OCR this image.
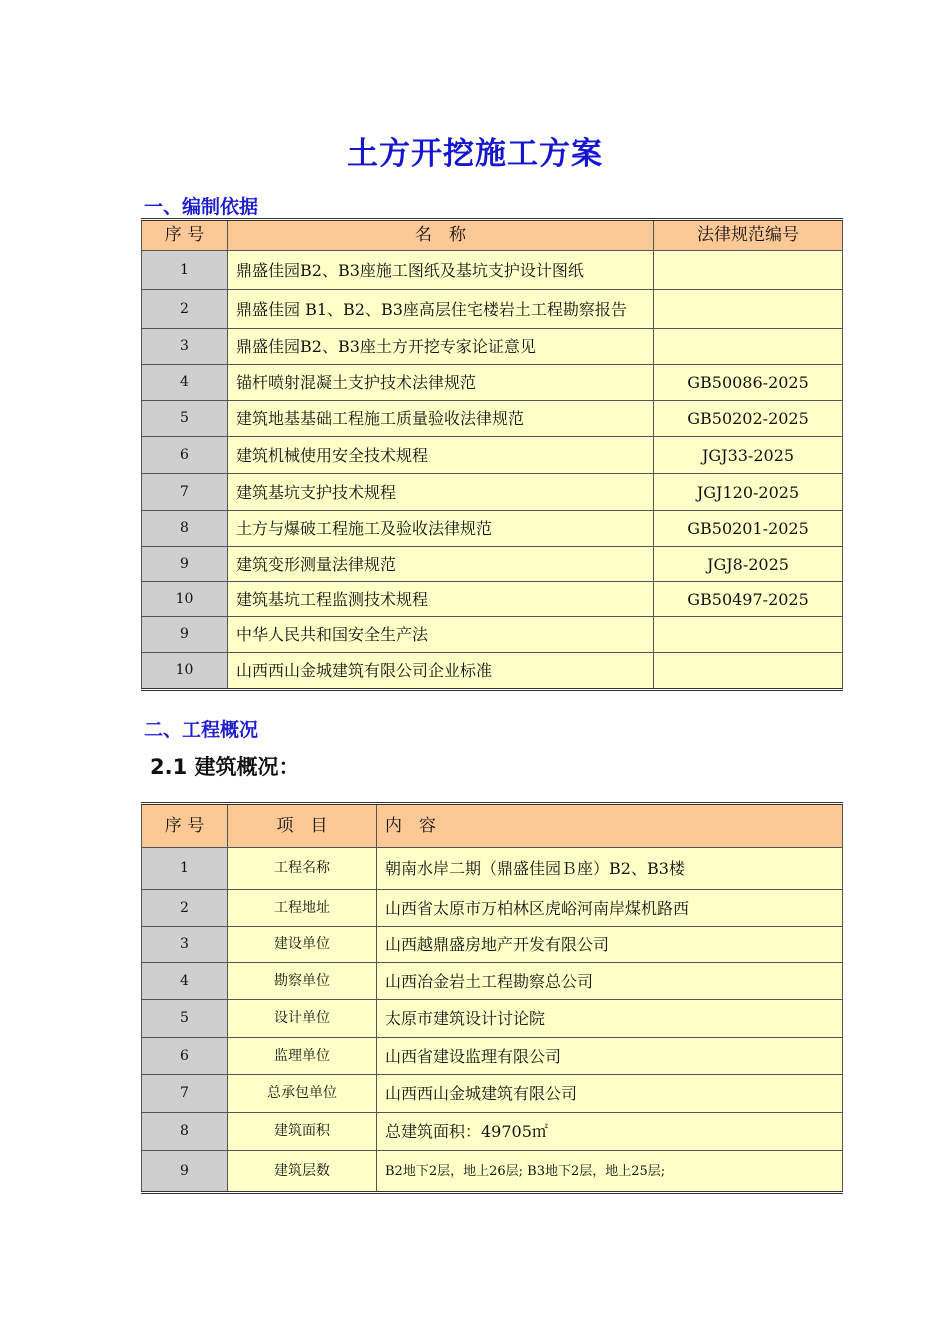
土方开挖施工方案
一、编制依据
序 号	名　称	法律规范编号
1	鼎盛佳园B2、B3座施工图纸及基坑支护设计图纸	
2	鼎盛佳园 B1、B2、B3座高层住宅楼岩土工程勘察报告	
3	鼎盛佳园B2、B3座土方开挖专家论证意见	
4	锚杆喷射混凝土支护技术法律规范	GB50086-2025
5	建筑地基基础工程施工质量验收法律规范	GB50202-2025
6	建筑机械使用安全技术规程	JGJ33-2025
7	建筑基坑支护技术规程	JGJ120-2025
8	土方与爆破工程施工及验收法律规范	GB50201-2025
9	建筑变形测量法律规范	JGJ8-2025
10	建筑基坑工程监测技术规程	GB50497-2025
9	中华人民共和国安全生产法	
10	山西西山金城建筑有限公司企业标准	
二、工程概况
2.1 建筑概况：
序 号	项　目	内　容
1	工程名称	朝南水岸二期（鼎盛佳园Ｂ座）B2、B3楼
2	工程地址	山西省太原市万柏林区虎峪河南岸煤机路西
3	建设单位	山西越鼎盛房地产开发有限公司
4	勘察单位	山西冶金岩土工程勘察总公司
5	设计单位	太原市建筑设计讨论院
6	监理单位	山西省建设监理有限公司
7	总承包单位	山西西山金城建筑有限公司
8	建筑面积	总建筑面积：49705㎡
9	建筑层数	B2地下2层，地上26层; B3地下2层，地上25层;
